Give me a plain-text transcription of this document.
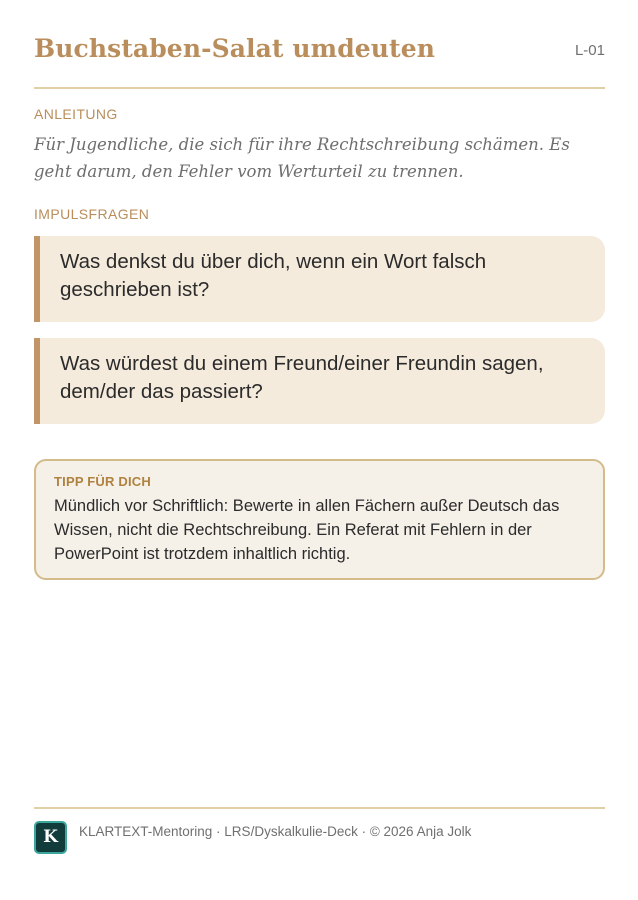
Buchstaben-Salat umdeuten	L-01
ANLEITUNG
Für Jugendliche, die sich für ihre Rechtschreibung schämen. Es geht darum, den Fehler vom Werturteil zu trennen.
IMPULSFRAGEN
Was denkst du über dich, wenn ein Wort falsch geschrieben ist?
Was würdest du einem Freund/einer Freundin sagen, dem/der das passiert?
TIPP FÜR DICH
Mündlich vor Schriftlich: Bewerte in allen Fächern außer Deutsch das Wissen, nicht die Rechtschreibung. Ein Referat mit Fehlern in der PowerPoint ist trotzdem inhaltlich richtig.
K KLARTEXT-Mentoring · LRS/Dyskalkulie-Deck · © 2026 Anja Jolk
